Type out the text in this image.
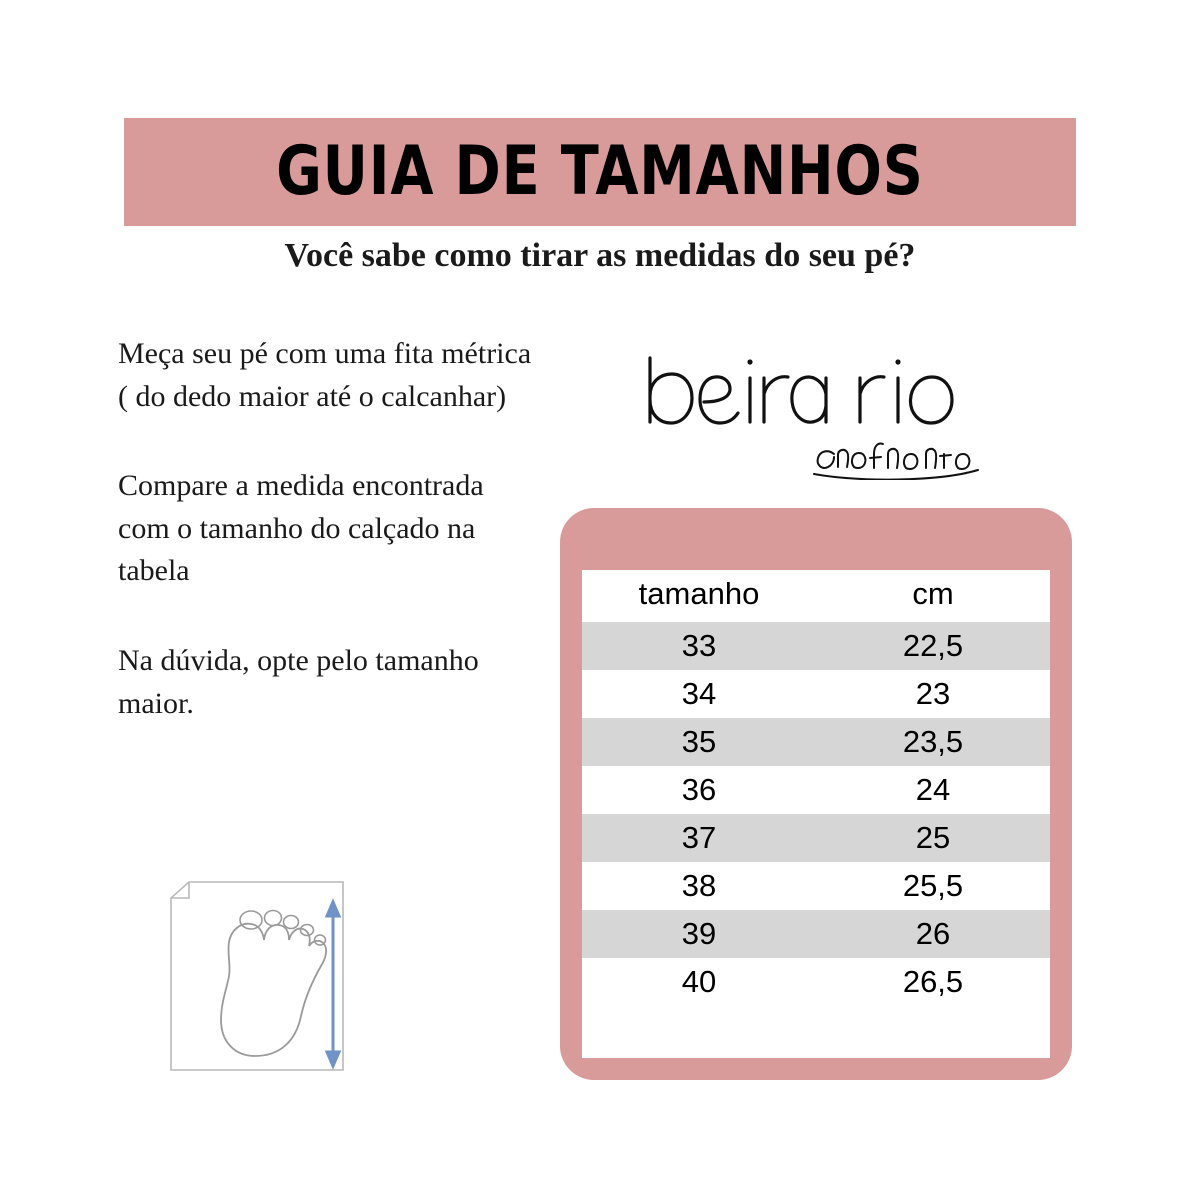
GUIA DE TAMANHOS
Você sabe como tirar as medidas do seu pé?
Meça seu pé com uma fita métrica ( do dedo maior até o calcanhar)
Compare a medida encontrada com o tamanho do calçado na tabela
Na dúvida, opte pelo tamanho maior.
tamanho	cm
33	22,5
34	23
35	23,5
36	24
37	25
38	25,5
39	26
40	26,5
